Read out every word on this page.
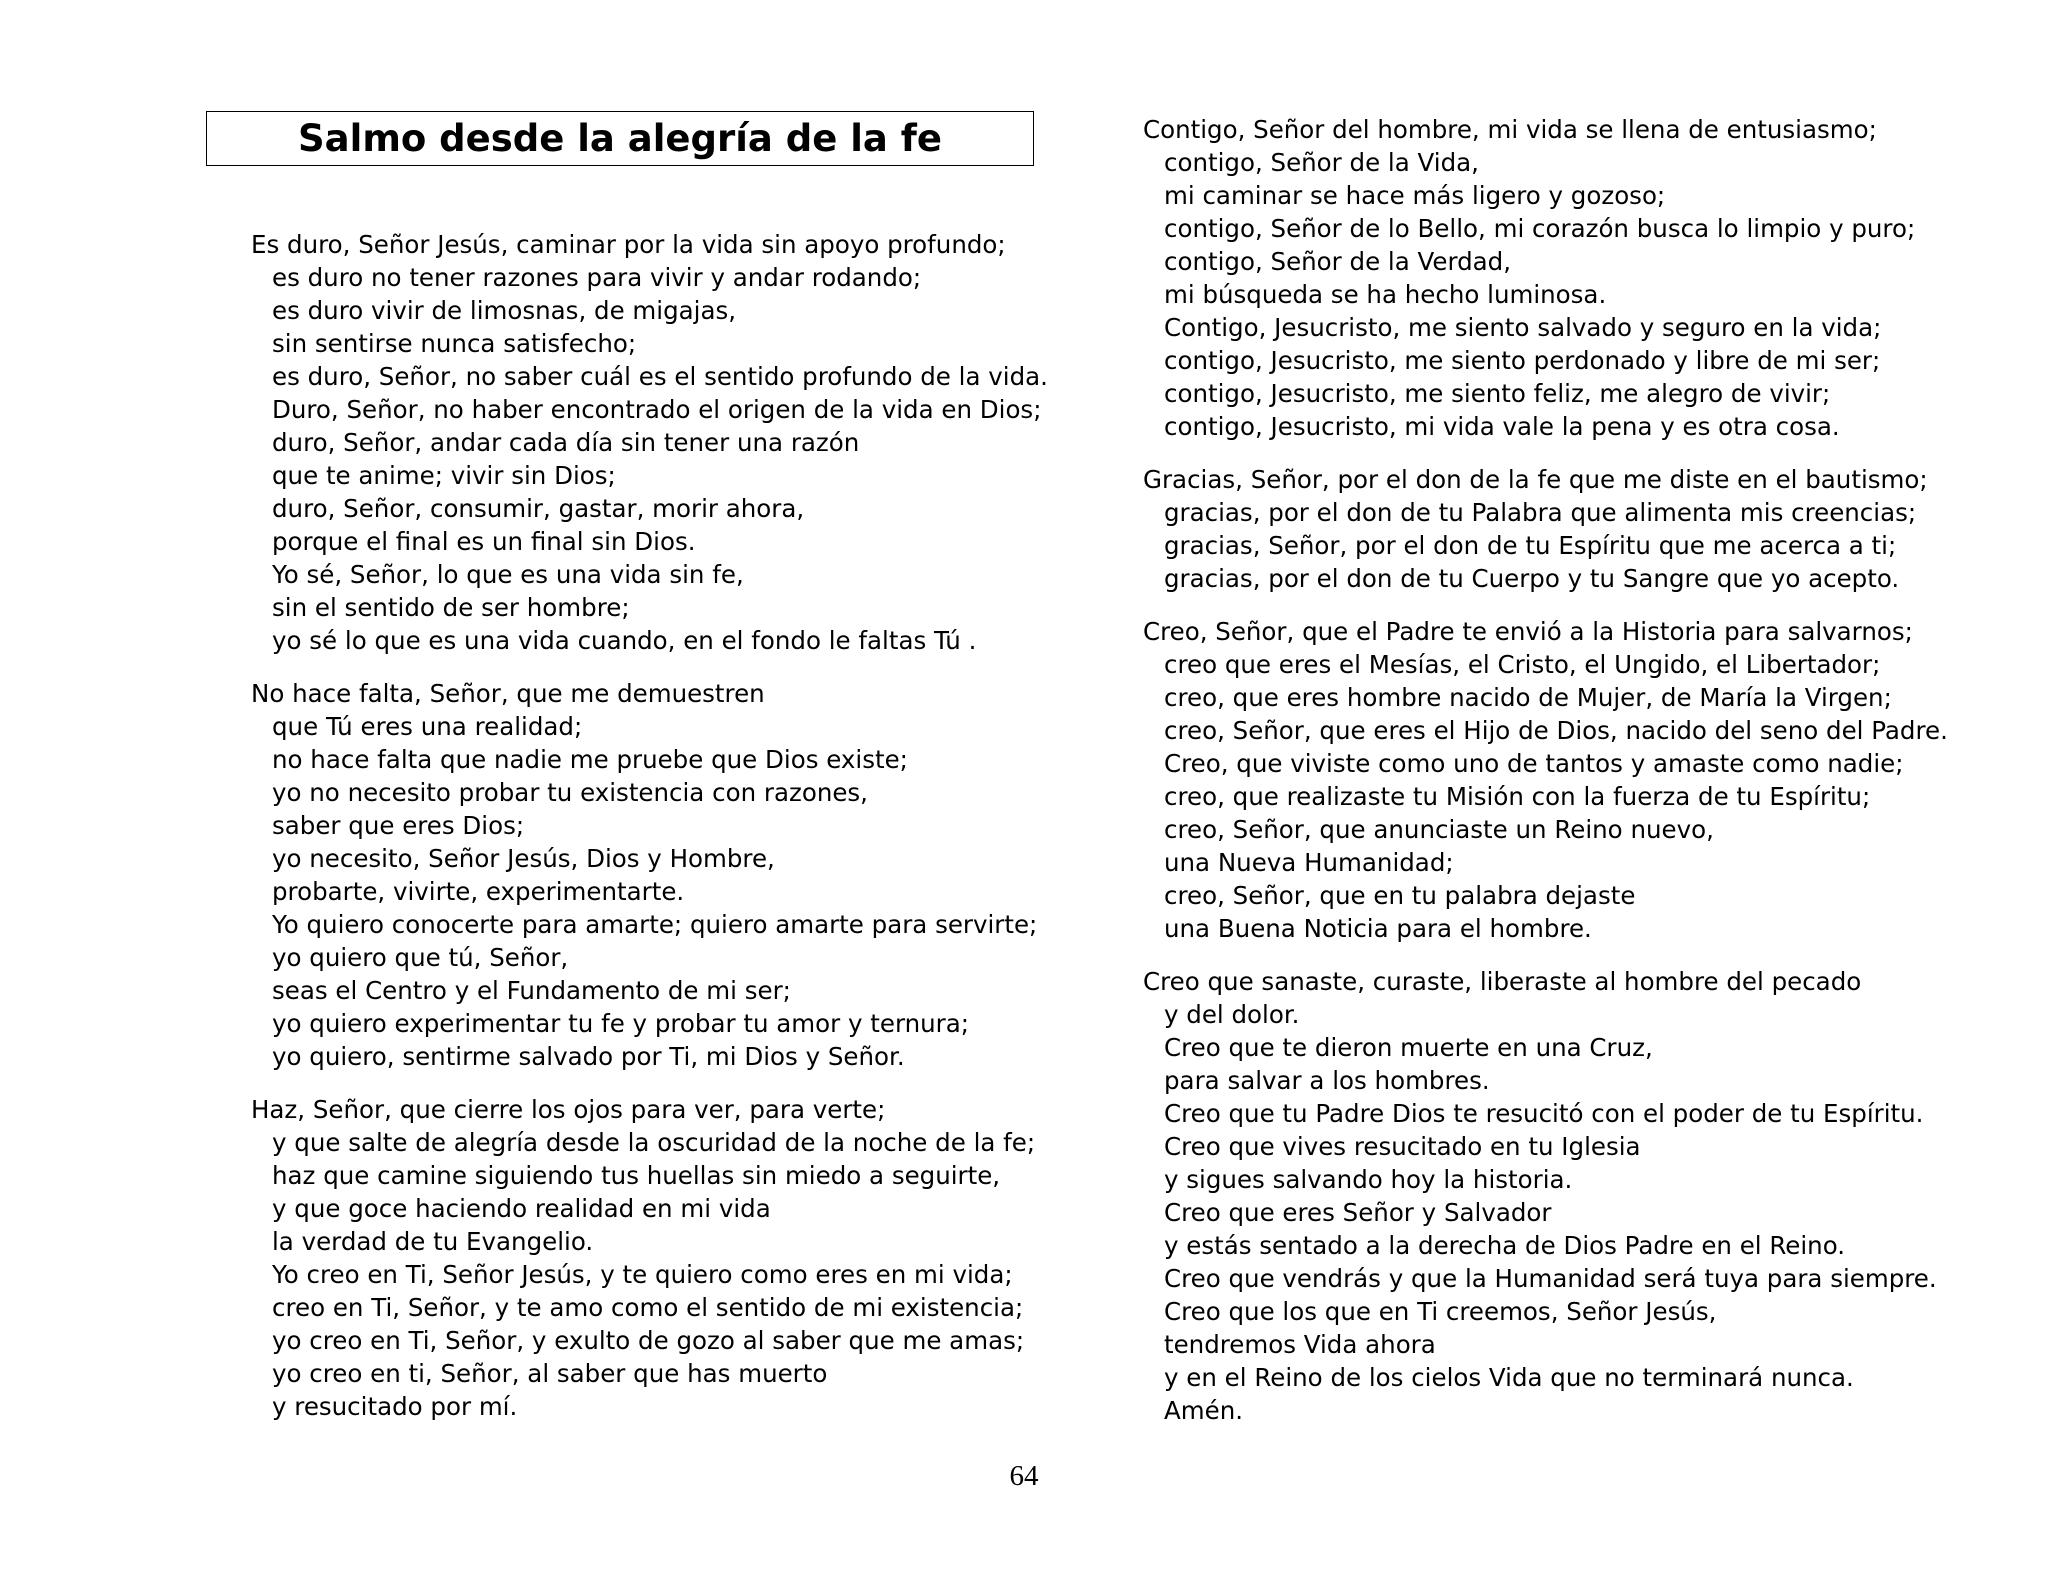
Salmo desde la alegría de la fe
Es duro, Señor Jesús, caminar por la vida sin apoyo profundo;
es duro no tener razones para vivir y andar rodando;
es duro vivir de limosnas, de migajas,
sin sentirse nunca satisfecho;
es duro, Señor, no saber cuál es el sentido profundo de la vida.
Duro, Señor, no haber encontrado el origen de la vida en Dios;
duro, Señor, andar cada día sin tener una razón
que te anime; vivir sin Dios;
duro, Señor, consumir, gastar, morir ahora,
porque el final es un final sin Dios.
Yo sé, Señor, lo que es una vida sin fe,
sin el sentido de ser hombre;
yo sé lo que es una vida cuando, en el fondo le faltas Tú .
No hace falta, Señor, que me demuestren
que Tú eres una realidad;
no hace falta que nadie me pruebe que Dios existe;
yo no necesito probar tu existencia con razones,
saber que eres Dios;
yo necesito, Señor Jesús, Dios y Hombre,
probarte, vivirte, experimentarte.
Yo quiero conocerte para amarte; quiero amarte para servirte;
yo quiero que tú, Señor,
seas el Centro y el Fundamento de mi ser;
yo quiero experimentar tu fe y probar tu amor y ternura;
yo quiero, sentirme salvado por Ti, mi Dios y Señor.
Haz, Señor, que cierre los ojos para ver, para verte;
y que salte de alegría desde la oscuridad de la noche de la fe;
haz que camine siguiendo tus huellas sin miedo a seguirte,
y que goce haciendo realidad en mi vida
la verdad de tu Evangelio.
Yo creo en Ti, Señor Jesús, y te quiero como eres en mi vida;
creo en Ti, Señor, y te amo como el sentido de mi existencia;
yo creo en Ti, Señor, y exulto de gozo al saber que me amas;
yo creo en ti, Señor, al saber que has muerto
y resucitado por mí.
Contigo, Señor del hombre, mi vida se llena de entusiasmo;
contigo, Señor de la Vida,
mi caminar se hace más ligero y gozoso;
contigo, Señor de lo Bello, mi corazón busca lo limpio y puro;
contigo, Señor de la Verdad,
mi búsqueda se ha hecho luminosa.
Contigo, Jesucristo, me siento salvado y seguro en la vida;
contigo, Jesucristo, me siento perdonado y libre de mi ser;
contigo, Jesucristo, me siento feliz, me alegro de vivir;
contigo, Jesucristo, mi vida vale la pena y es otra cosa.
Gracias, Señor, por el don de la fe que me diste en el bautismo;
gracias, por el don de tu Palabra que alimenta mis creencias;
gracias, Señor, por el don de tu Espíritu que me acerca a ti;
gracias, por el don de tu Cuerpo y tu Sangre que yo acepto.
Creo, Señor, que el Padre te envió a la Historia para salvarnos;
creo que eres el Mesías, el Cristo, el Ungido, el Libertador;
creo, que eres hombre nacido de Mujer, de María la Virgen;
creo, Señor, que eres el Hijo de Dios, nacido del seno del Padre.
Creo, que viviste como uno de tantos y amaste como nadie;
creo, que realizaste tu Misión con la fuerza de tu Espíritu;
creo, Señor, que anunciaste un Reino nuevo,
una Nueva Humanidad;
creo, Señor, que en tu palabra dejaste
una Buena Noticia para el hombre.
Creo que sanaste, curaste, liberaste al hombre del pecado
y del dolor.
Creo que te dieron muerte en una Cruz,
para salvar a los hombres.
Creo que tu Padre Dios te resucitó con el poder de tu Espíritu.
Creo que vives resucitado en tu Iglesia
y sigues salvando hoy la historia.
Creo que eres Señor y Salvador
y estás sentado a la derecha de Dios Padre en el Reino.
Creo que vendrás y que la Humanidad será tuya para siempre.
Creo que los que en Ti creemos, Señor Jesús,
tendremos Vida ahora
y en el Reino de los cielos Vida que no terminará nunca.
Amén.
64
